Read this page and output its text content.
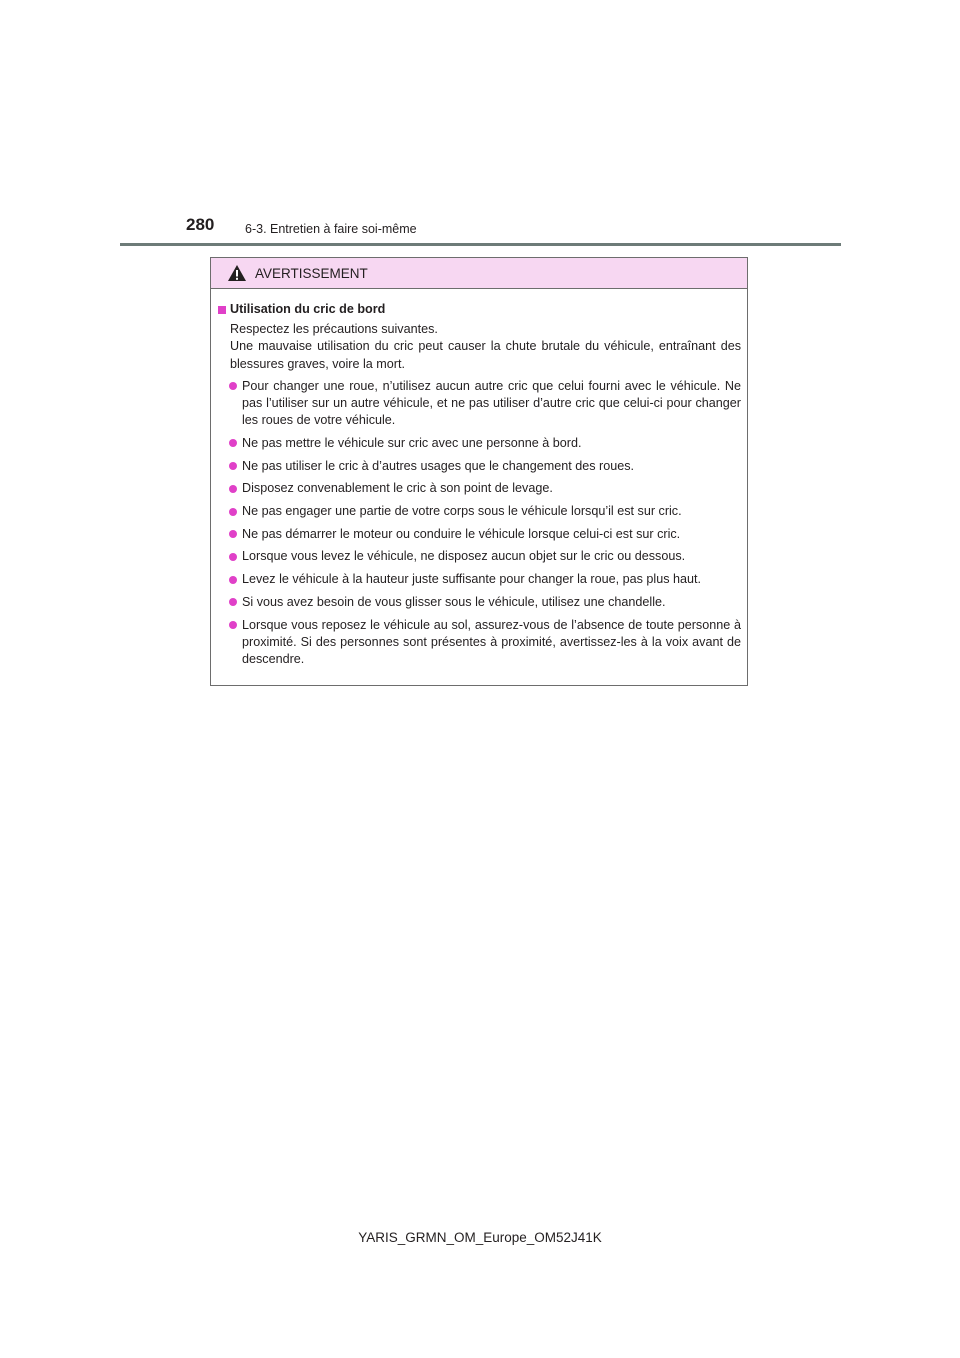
280 6-3. Entretien à faire soi-même
AVERTISSEMENT
Utilisation du cric de bord
Respectez les précautions suivantes.
Une mauvaise utilisation du cric peut causer la chute brutale du véhicule, entraînant des blessures graves, voire la mort.
Pour changer une roue, n’utilisez aucun autre cric que celui fourni avec le véhicule. Ne pas l’utiliser sur un autre véhicule, et ne pas utiliser d’autre cric que celui-ci pour changer les roues de votre véhicule.
Ne pas mettre le véhicule sur cric avec une personne à bord.
Ne pas utiliser le cric à d’autres usages que le changement des roues.
Disposez convenablement le cric à son point de levage.
Ne pas engager une partie de votre corps sous le véhicule lorsqu’il est sur cric.
Ne pas démarrer le moteur ou conduire le véhicule lorsque celui-ci est sur cric.
Lorsque vous levez le véhicule, ne disposez aucun objet sur le cric ou dessous.
Levez le véhicule à la hauteur juste suffisante pour changer la roue, pas plus haut.
Si vous avez besoin de vous glisser sous le véhicule, utilisez une chandelle.
Lorsque vous reposez le véhicule au sol, assurez-vous de l’absence de toute personne à proximité. Si des personnes sont présentes à proximité, avertissez-les à la voix avant de descendre.
YARIS_GRMN_OM_Europe_OM52J41K
